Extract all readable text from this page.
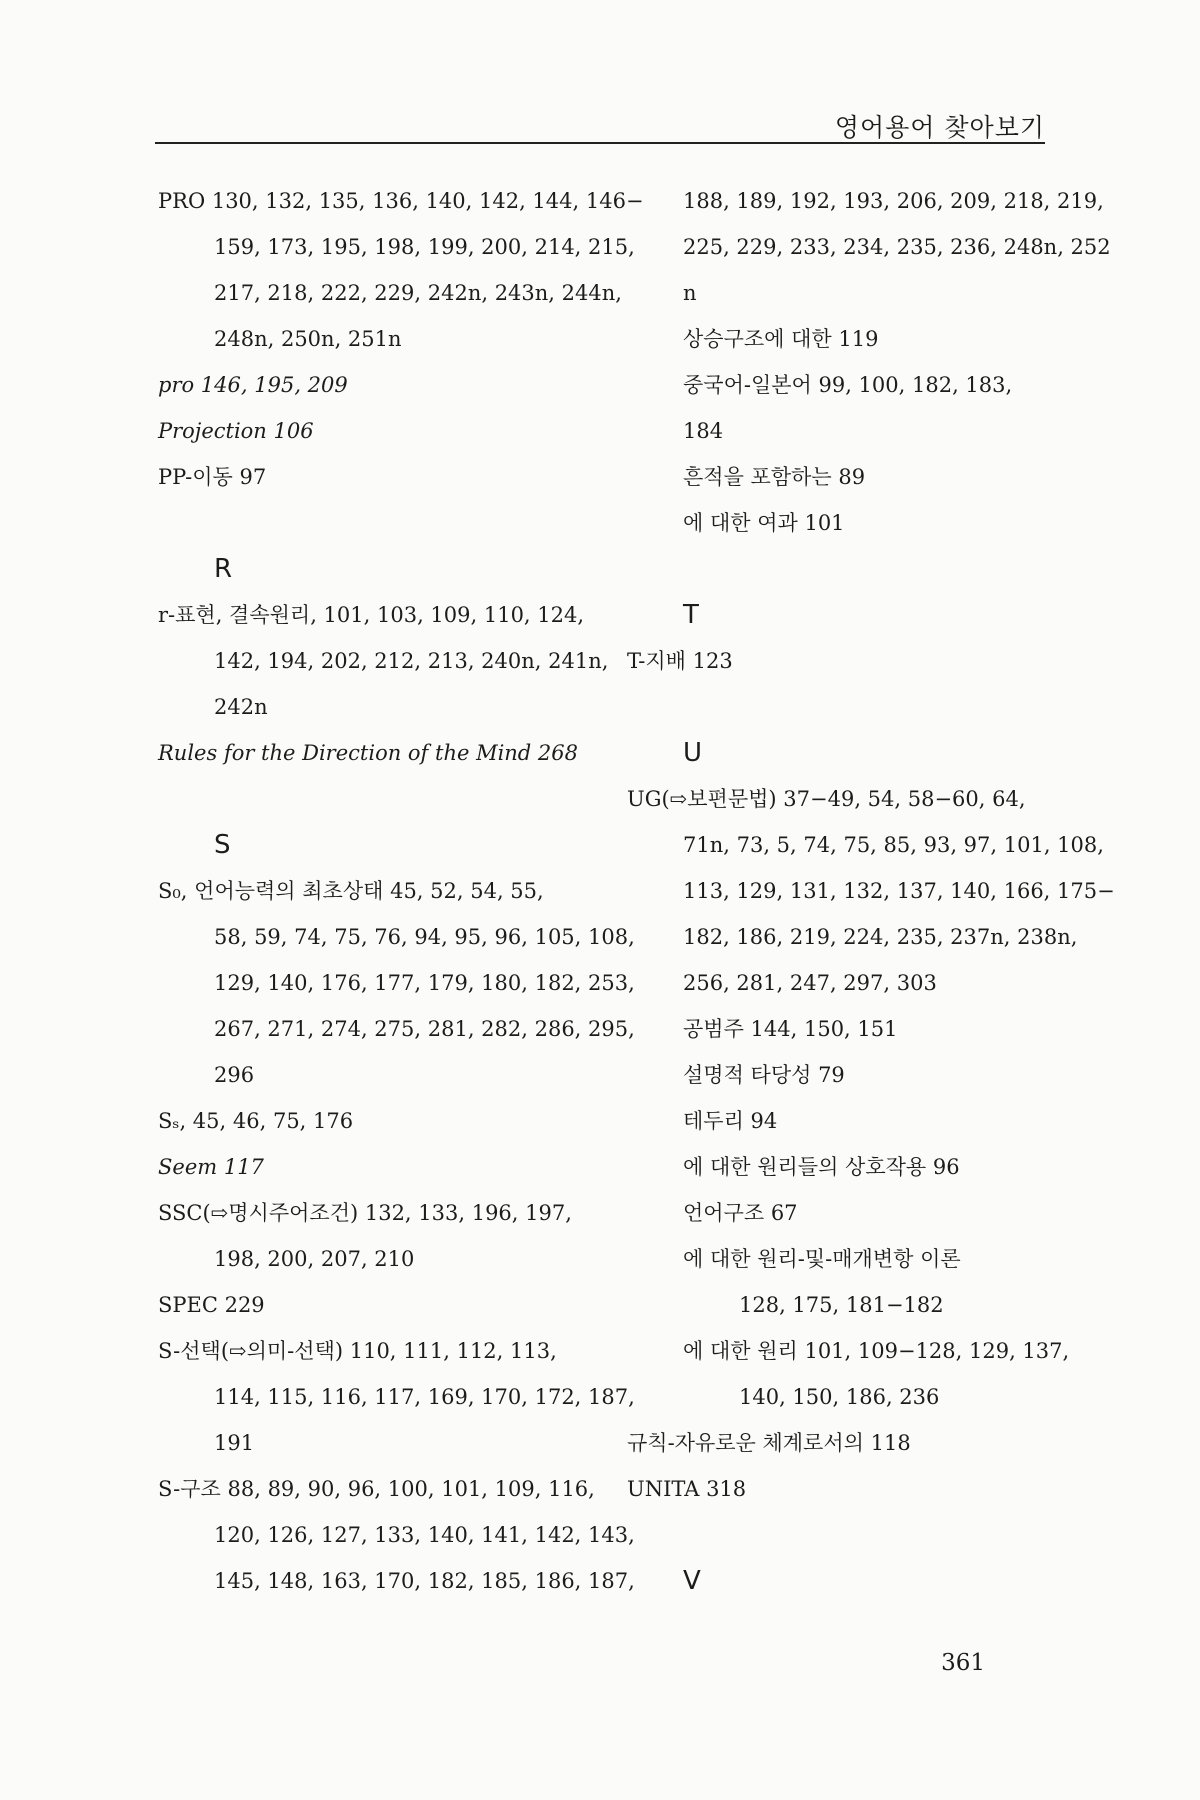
영어용어 찾아보기
PRO 130, 132, 135, 136, 140, 142, 144, 146−
159, 173, 195, 198, 199, 200, 214, 215,
217, 218, 222, 229, 242n, 243n, 244n,
248n, 250n, 251n
pro 146, 195, 209
Projection 106
PP-이동 97
R
r-표현, 결속원리, 101, 103, 109, 110, 124,
142, 194, 202, 212, 213, 240n, 241n,
242n
Rules for the Direction of the Mind 268
S
S₀, 언어능력의 최초상태 45, 52, 54, 55,
58, 59, 74, 75, 76, 94, 95, 96, 105, 108,
129, 140, 176, 177, 179, 180, 182, 253,
267, 271, 274, 275, 281, 282, 286, 295,
296
Sₛ, 45, 46, 75, 176
Seem 117
SSC(⇨명시주어조건) 132, 133, 196, 197,
198, 200, 207, 210
SPEC 229
S-선택(⇨의미-선택) 110, 111, 112, 113,
114, 115, 116, 117, 169, 170, 172, 187,
191
S-구조 88, 89, 90, 96, 100, 101, 109, 116,
120, 126, 127, 133, 140, 141, 142, 143,
145, 148, 163, 170, 182, 185, 186, 187,
188, 189, 192, 193, 206, 209, 218, 219,
225, 229, 233, 234, 235, 236, 248n, 252
n
상승구조에 대한 119
중국어-일본어 99, 100, 182, 183,
184
흔적을 포함하는 89
에 대한 여과 101
T
T-지배 123
U
UG(⇨보편문법) 37−49, 54, 58−60, 64,
71n, 73, 5, 74, 75, 85, 93, 97, 101, 108,
113, 129, 131, 132, 137, 140, 166, 175−
182, 186, 219, 224, 235, 237n, 238n,
256, 281, 247, 297, 303
공범주 144, 150, 151
설명적 타당성 79
테두리 94
에 대한 원리들의 상호작용 96
언어구조 67
에 대한 원리-및-매개변항 이론
128, 175, 181−182
에 대한 원리 101, 109−128, 129, 137,
140, 150, 186, 236
규칙-자유로운 체계로서의 118
UNITA 318
V
361
